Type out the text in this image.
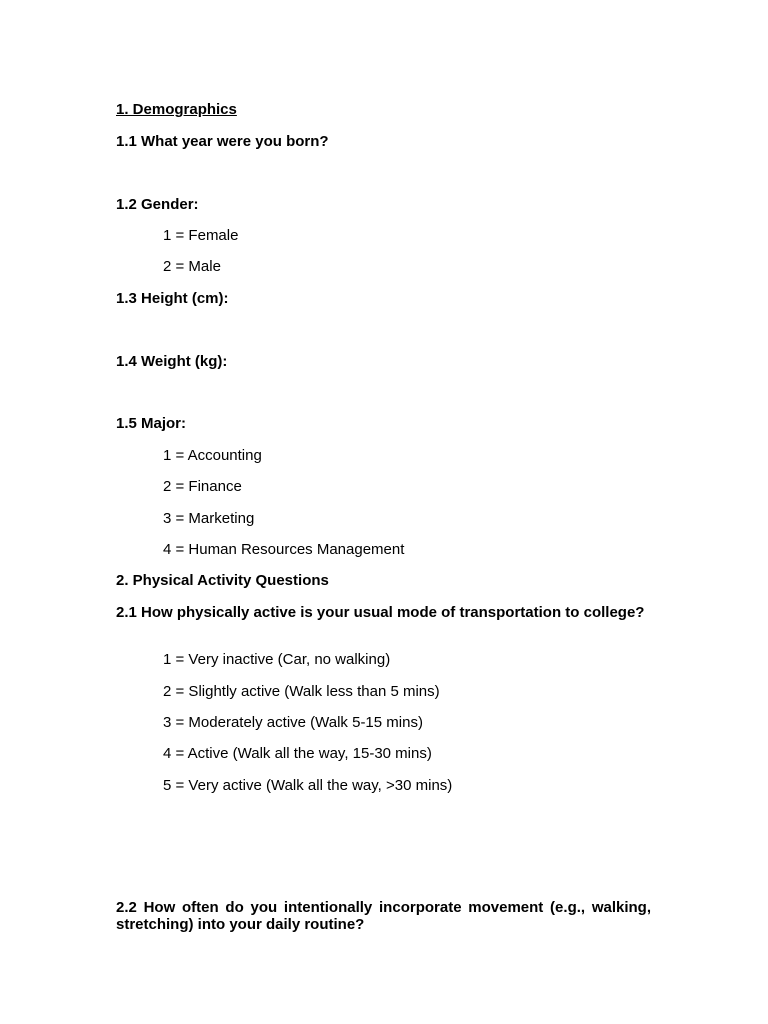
1. Demographics
1.1 What year were you born?
1.2 Gender:
1 = Female
2 = Male
1.3 Height (cm):
1.4 Weight (kg):
1.5 Major:
1 = Accounting
2 = Finance
3 = Marketing
4 = Human Resources Management
2. Physical Activity Questions
2.1 How physically active is your usual mode of transportation to college?
1 = Very inactive (Car, no walking)
2 = Slightly active (Walk less than 5 mins)
3 = Moderately active (Walk 5-15 mins)
4 = Active (Walk all the way, 15-30 mins)
5 = Very active (Walk all the way, >30 mins)
2.2 How often do you intentionally incorporate movement (e.g., walking, stretching) into your daily routine?
